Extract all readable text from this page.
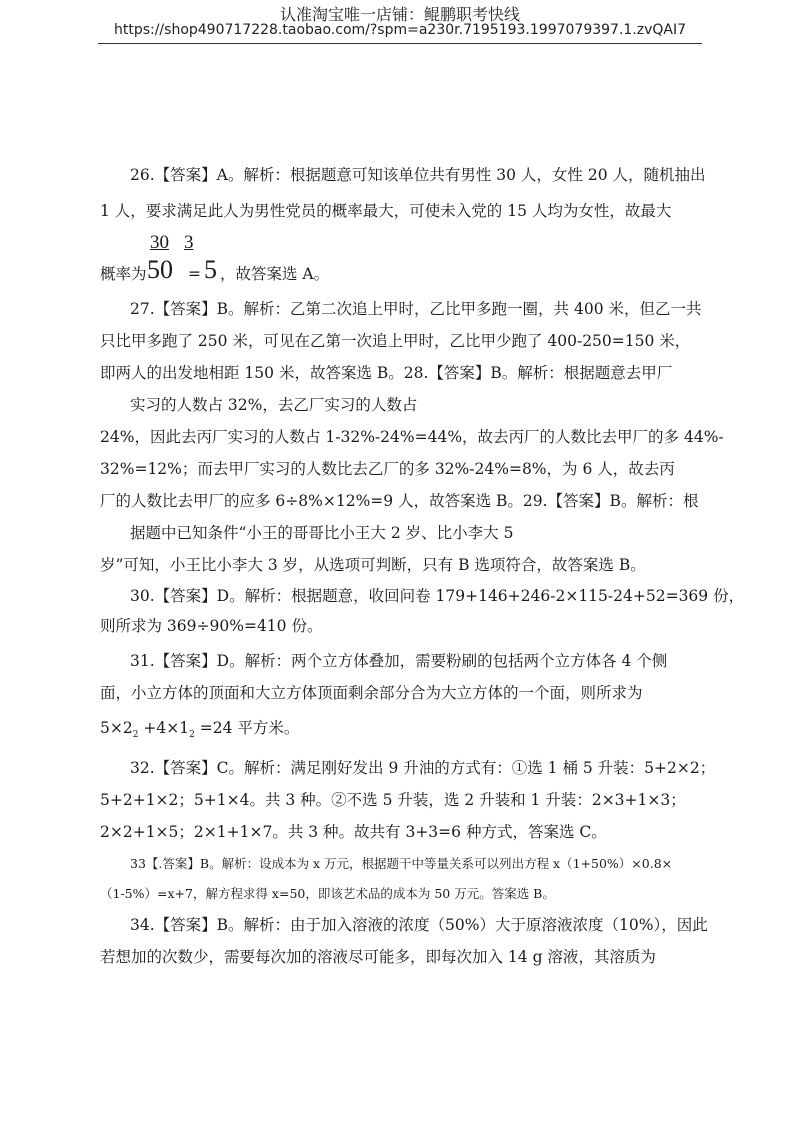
认准淘宝唯一店铺：鲲鹏职考快线
https://shop490717228.taobao.com/?spm=a230r.7195193.1997079397.1.zvQAI7
26.【答案】A。解析：根据题意可知该单位共有男性 30 人，女性 20 人，随机抽出
1 人，要求满足此人为男性党员的概率最大，可使未入党的 15 人均为女性，故最大
30 3
概率为 50 = 5 ，故答案选 A。
27.【答案】B。解析：乙第二次追上甲时，乙比甲多跑一圈，共 400 米，但乙一共
只比甲多跑了 250 米，可见在乙第一次追上甲时，乙比甲少跑了 400-250=150 米，
即两人的出发地相距 150 米，故答案选 B。28.【答案】B。解析：根据题意去甲厂
实习的人数占 32%，去乙厂实习的人数占
24%，因此去丙厂实习的人数占 1-32%-24%=44%，故去丙厂的人数比去甲厂的多 44%-
32%=12%；而去甲厂实习的人数比去乙厂的多 32%-24%=8%，为 6 人，故去丙
厂的人数比去甲厂的应多 6÷8%×12%=9 人，故答案选 B。29.【答案】B。解析：根
据题中已知条件“小王的哥哥比小王大 2 岁、比小李大 5
岁”可知，小王比小李大 3 岁，从选项可判断，只有 B 选项符合，故答案选 B。
30.【答案】D。解析：根据题意，收回问卷 179+146+246-2×115-24+52=369 份，
则所求为 369÷90%=410 份。
31.【答案】D。解析：两个立方体叠加，需要粉刷的包括两个立方体各 4 个侧
面，小立方体的顶面和大立方体顶面剩余部分合为大立方体的一个面，则所求为
$5\times 2_2 +4\times 1_2 =24$ 平方米。
32.【答案】C。解析：满足刚好发出 9 升油的方式有：①选 1 桶 5 升装：5+2×2；
5+2+1×2；5+1×4。共 3 种。②不选 5 升装，选 2 升装和 1 升装：2×3+1×3；
2×2+1×5；2×1+1×7。共 3 种。故共有 3+3=6 种方式，答案选 C。
33【.答案】B。解析：设成本为 x 万元，根据题干中等量关系可以列出方程 x（1+50%）×0.8×
（1-5%）=x+7，解方程求得 x=50，即该艺术品的成本为 50 万元。答案选 B。
34.【答案】B。解析：由于加入溶液的浓度（50%）大于原溶液浓度（10%），因此
若想加的次数少，需要每次加的溶液尽可能多，即每次加入 14 g 溶液，其溶质为
